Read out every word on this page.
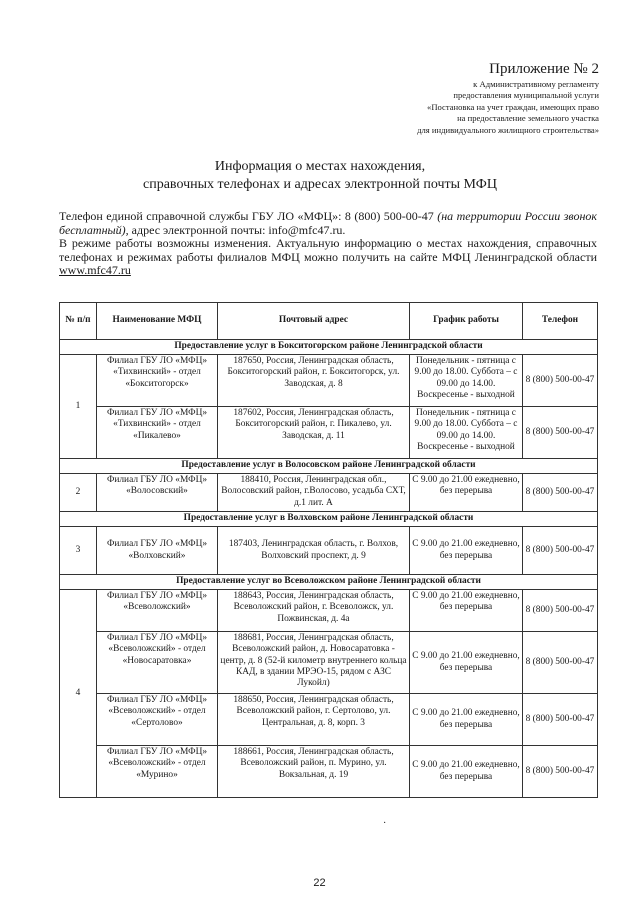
Приложение № 2
к Административному регламенту
предоставления муниципальной услуги
«Постановка на учет граждан, имеющих право
на предоставление земельного участка
для индивидуального жилищного строительства»
Информация о местах нахождения,
справочных телефонах и адресах электронной почты МФЦ

Телефон единой справочной службы ГБУ ЛО «МФЦ»: 8 (800) 500-00-47 (на территории России звонок бесплатный), адрес электронной почты: info@mfc47.ru.

В режиме работы возможны изменения. Актуальную информацию о местах нахождения, справочных телефонах и режимах работы филиалов МФЦ можно получить на сайте МФЦ Ленинградской области www.mfc47.ru

№ п/п	Наименование МФЦ	Почтовый адрес	График работы	Телефон
Предоставление услуг в Бокситогорском районе Ленинградской области				
1	Филиал ГБУ ЛО «МФЦ» «Тихвинский» - отдел «Бокситогорск»	187650, Россия, Ленинградская область, Бокситогорский район, г. Бокситогорск, ул. Заводская, д. 8	Понедельник - пятница с 9.00 до 18.00. Суббота – с 09.00 до 14.00. Воскресенье - выходной	8 (800) 500-00-47
	Филиал ГБУ ЛО «МФЦ» «Тихвинский» - отдел «Пикалево»	187602, Россия, Ленинградская область, Бокситогорский район, г. Пикалево, ул. Заводская, д. 11	Понедельник - пятница с 9.00 до 18.00. Суббота – с 09.00 до 14.00. Воскресенье - выходной	8 (800) 500-00-47
Предоставление услуг в Волосовском районе Ленинградской области				
2	Филиал ГБУ ЛО «МФЦ» «Волосовский»	188410, Россия, Ленинградская обл., Волосовский район, г.Волосово, усадьба СХТ, д.1 лит. А	С 9.00 до 21.00 ежедневно, без перерыва	8 (800) 500-00-47
Предоставление услуг в Волховском районе Ленинградской области				
3	Филиал ГБУ ЛО «МФЦ» «Волховский»	187403, Ленинградская область, г. Волхов, Волховский проспект, д. 9	С 9.00 до 21.00 ежедневно, без перерыва	8 (800) 500-00-47
Предоставление услуг во Всеволожском районе Ленинградской области				
4	Филиал ГБУ ЛО «МФЦ» «Всеволожский»	188643, Россия, Ленинградская область, Всеволожский район, г. Всеволожск, ул. Пожвинская, д. 4а	С 9.00 до 21.00 ежедневно, без перерыва	8 (800) 500-00-47
	Филиал ГБУ ЛО «МФЦ» «Всеволожский» - отдел «Новосаратовка»	188681, Россия, Ленинградская область, Всеволожский район, д. Новосаратовка - центр, д. 8 (52-й километр внутреннего кольца КАД, в здании МРЭО-15, рядом с АЗС Лукойл)	С 9.00 до 21.00 ежедневно, без перерыва	8 (800) 500-00-47
	Филиал ГБУ ЛО «МФЦ» «Всеволожский» - отдел «Сертолово»	188650, Россия, Ленинградская область, Всеволожский район, г. Сертолово, ул. Центральная, д. 8, корп. 3	С 9.00 до 21.00 ежедневно, без перерыва	8 (800) 500-00-47
	Филиал ГБУ ЛО «МФЦ» «Всеволожский» - отдел «Мурино»	188661, Россия, Ленинградская область, Всеволожский район, п. Мурино, ул. Вокзальная, д. 19	С 9.00 до 21.00 ежедневно, без перерыва	8 (800) 500-00-47
·
22
